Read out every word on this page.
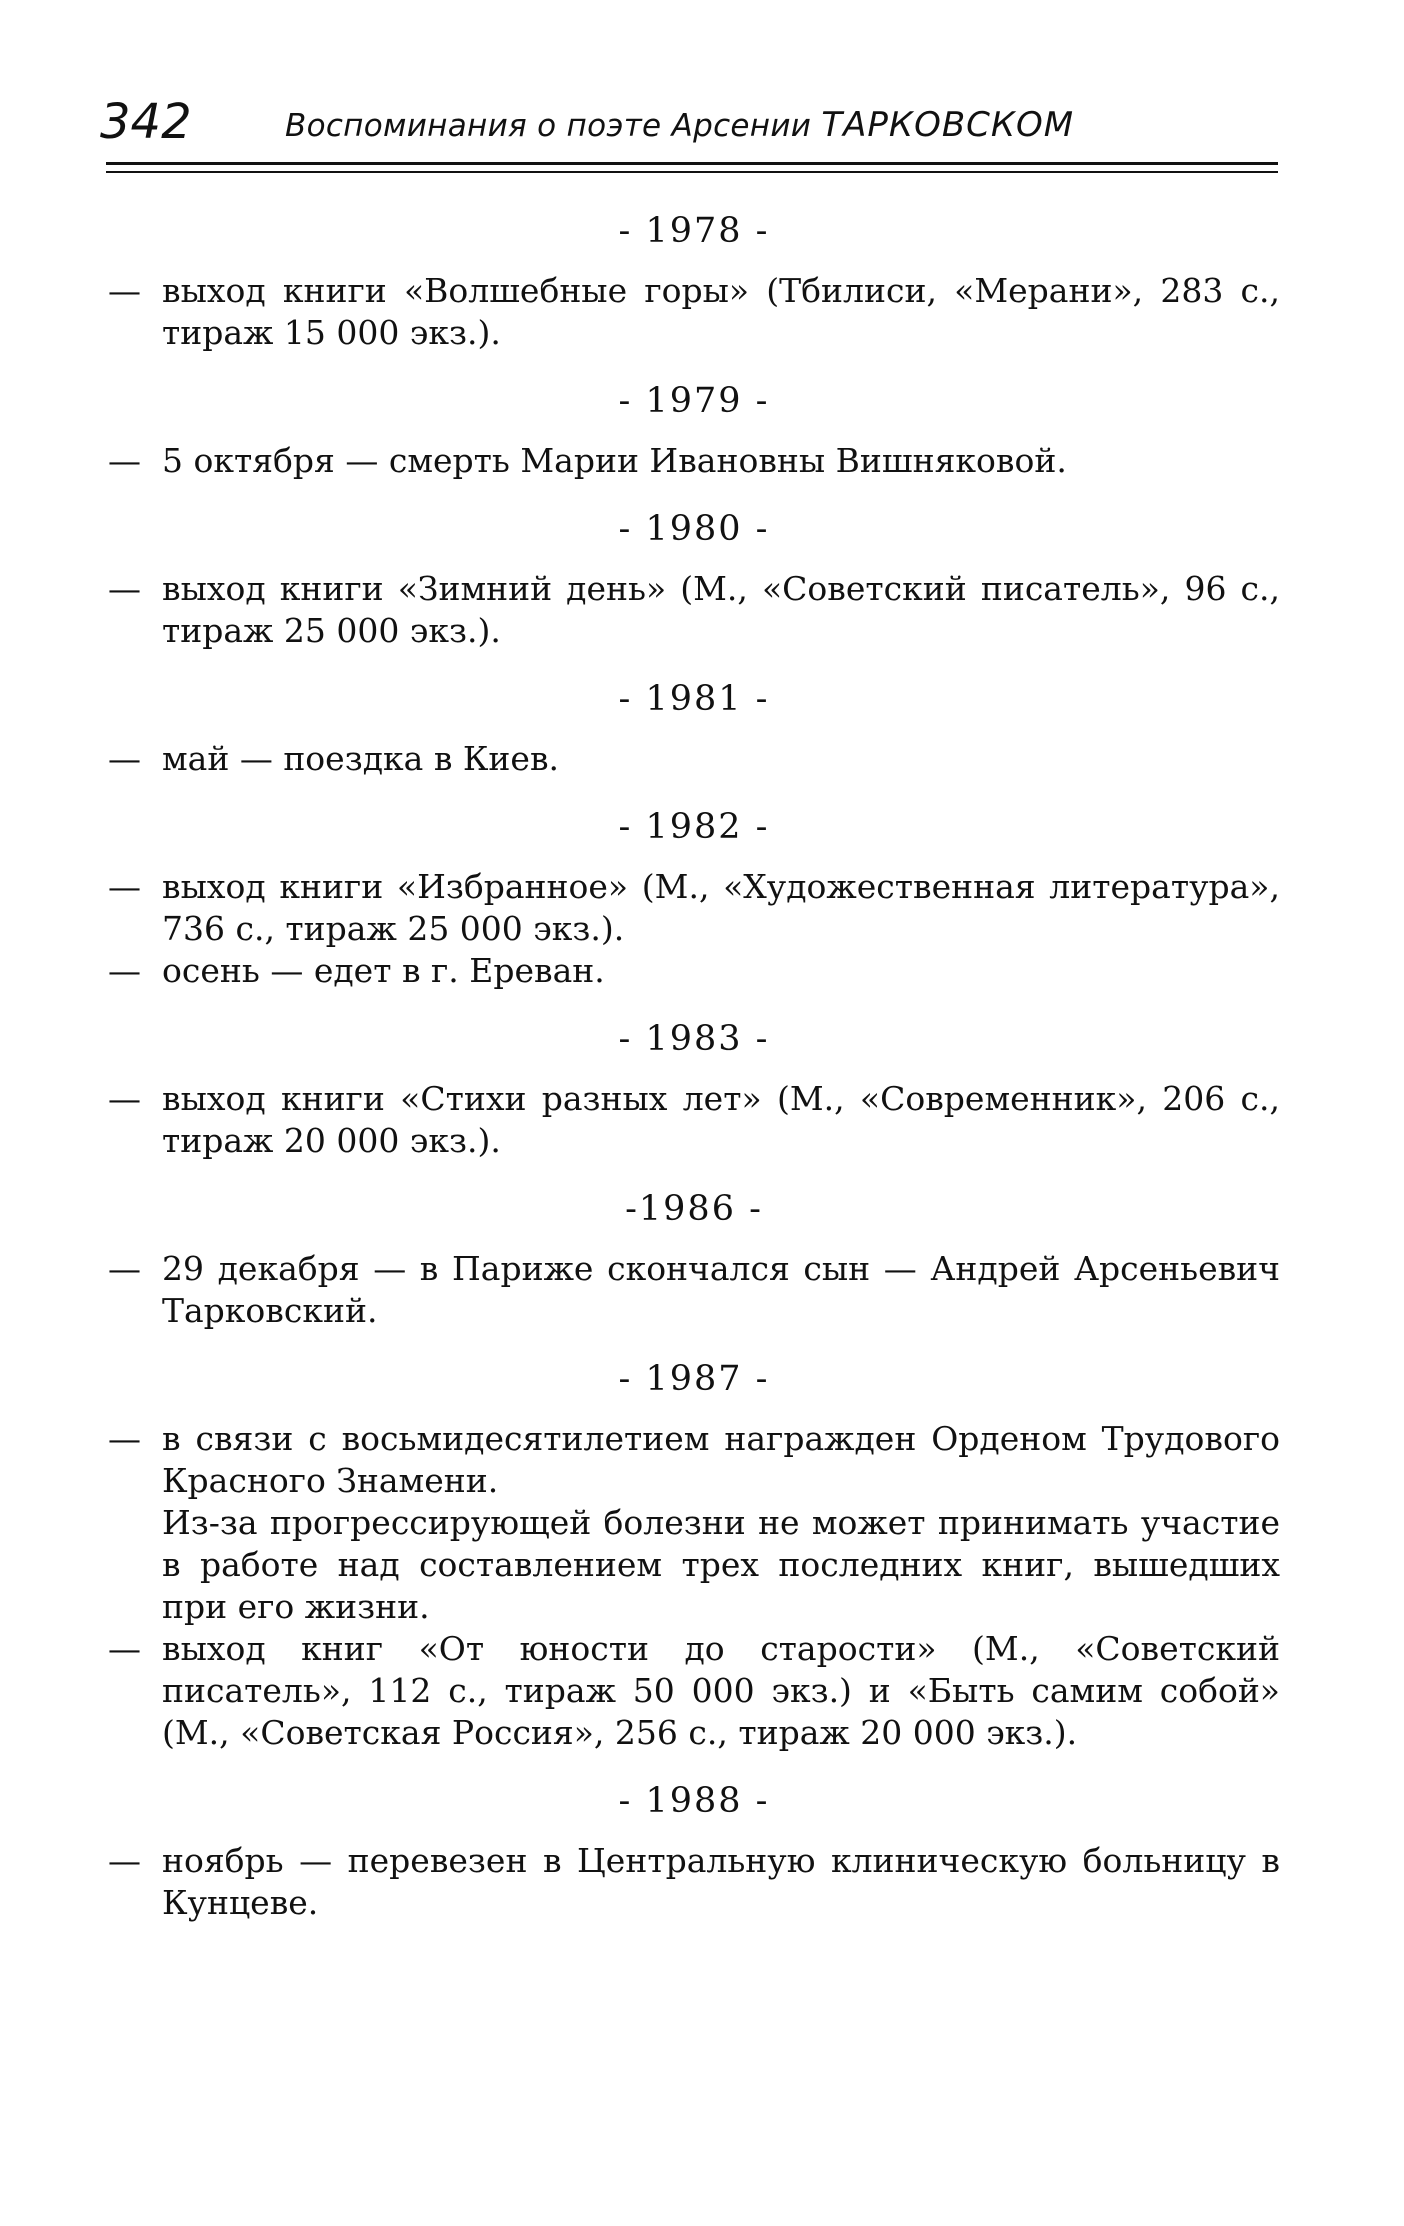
342	Воспоминания о поэте Арсении ТАРКОВСКОМ
- 1978 -

— выход книги «Волшебные горы» (Тбилиси, «Мерани», 283 с., тираж 15 000 экз.).

- 1979 -

— 5 октября — смерть Марии Ивановны Вишняковой.

- 1980 -

— выход книги «Зимний день» (М., «Советский писатель», 96 с., тираж 25 000 экз.).

- 1981 -

— май — поездка в Киев.

- 1982 -

— выход книги «Избранное» (М., «Художественная литература», 736 с., тираж 25 000 экз.).

— осень — едет в г. Ереван.

- 1983 -

— выход книги «Стихи разных лет» (М., «Современник», 206 с., тираж 20 000 экз.).

-1986 -

— 29 декабря — в Париже скончался сын — Андрей Арсеньевич Тарковский.

- 1987 -

— в связи с восьмидесятилетием награжден Орденом Трудового Красного Знамени.

Из-за прогрессирующей болезни не может принимать участие в работе над составлением трех последних книг, вышедших при его жизни.

— выход книг «От юности до старости» (М., «Советский писатель», 112 с., тираж 50 000 экз.) и «Быть самим собой» (М., «Советская Россия», 256 с., тираж 20 000 экз.).

- 1988 -

— ноябрь — перевезен в Центральную клиническую больницу в Кунцеве.
